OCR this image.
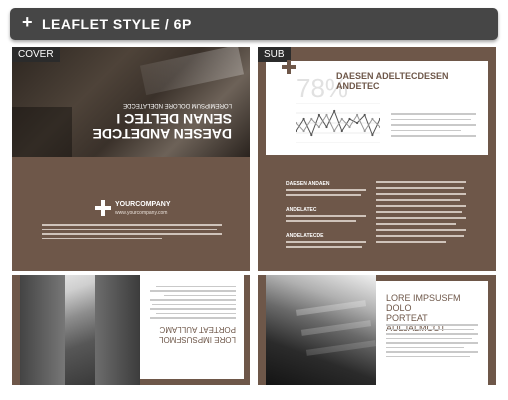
+ LEAFLET STYLE / 6P
DAESEN ANDETCDE
SENAN DELTEC I
LOREMIPSUM DOLORE NDELATECDE
YOURCOMPANY
www.yourcompany.com
COVER
78%
DAESEN ADELTECDESEN ANDETEC
DAESEN ANDAEN
ANDELATEC
ANDELATECDE
SUB
LORE IMPSUSFMOL
PORTEAT AULLAMC
LORE IMPSUSFM DOLO
PORTEAT
